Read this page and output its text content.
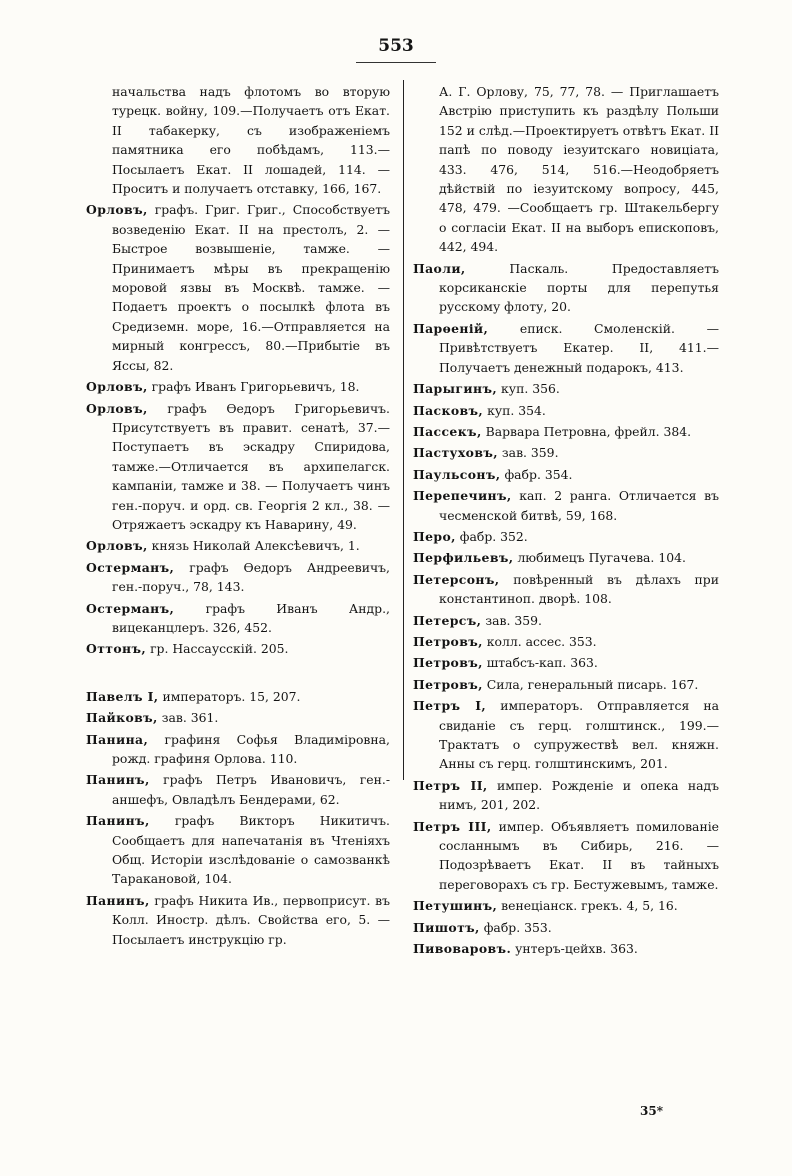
553
начальства надъ флотомъ во вторую турецк. войну, 109.—Получаетъ отъ Екат. II табакерку, съ изображеніемъ памятника его побѣдамъ, 113.—Посылаетъ Екат. II лошадей, 114. — Проситъ и получаетъ отставку, 166, 167.
Орловъ, графъ. Григ. Григ., Способствуетъ возведенію Екат. II на престолъ, 2. — Быстрое возвышеніе, тамже. — Принимаетъ мѣры въ прекращенію моровой язвы въ Москвѣ. тамже. — Подаетъ проектъ о посылкѣ флота въ Средиземн. море, 16.—Отправляется на мирный конгрессъ, 80.—Прибытіе въ Яссы, 82.
Орловъ, графъ Иванъ Григорьевичъ, 18.
Орловъ, графъ Ѳедоръ Григорьевичъ. Присутствуетъ въ правит. сенатѣ, 37.—Поступаетъ въ эскадру Спиридова, тамже.—Отличается въ архипелагск. кампаніи, тамже и 38. — Получаетъ чинъ ген.-поруч. и орд. св. Георгія 2 кл., 38. — Отряжаетъ эскадру къ Наварину, 49.
Орловъ, князь Николай Алексѣевичъ, 1.
Остерманъ, графъ Ѳедоръ Андреевичъ, ген.-поруч., 78, 143.
Остерманъ,	графъ Иванъ Андр., вицеканцлеръ. 326, 452.
Оттонъ, гр. Нассаусскій. 205.
Павелъ I, императоръ. 15, 207.
Пайковъ, зав. 361.
Панина, графиня Софья Владиміровна, рожд. графиня Орлова. 110.
Панинъ, графъ Петръ Ивановичъ, ген.-аншефъ, Овладѣлъ Бендерами, 62.
Панинъ, графъ Викторъ Никитичъ. Сообщаетъ для напечатанія въ Чтеніяхъ Общ. Исторіи изслѣдованіе о самозванкѣ Таракановой, 104.
Панинъ, графъ Никита Ив., первоприсут. въ Колл. Иностр. дѣлъ. Свойства его, 5. — Посылаетъ инструкцію гр.
А. Г. Орлову, 75, 77, 78. — Приглашаетъ Австрію приступить къ раздѣлу Польши 152 и слѣд.—Проектируетъ отвѣтъ Екат. II папѣ по поводу іезуитскаго новиціата, 433. 476, 514, 516.—Неодобряетъ дѣйствій по іезуитскому вопросу, 445, 478, 479. —Сообщаетъ гр. Штакельбергу о согласіи Екат. II на выборъ епископовъ, 442, 494.
Паоли,	Паскаль. Предоставляетъ корсиканскіе порты для перепутья русскому флоту, 20.
Парѳеній,	еписк. Смоленскій. —Привѣтствуетъ Екатер. II, 411.—Получаетъ денежный подарокъ, 413.
Парыгинъ, куп. 356.
Пасковъ, куп. 354.
Пассекъ, Варвара Петровна, фрейл. 384.
Пастуховъ, зав. 359.
Паульсонъ, фабр. 354.
Перепечинъ, кап. 2 ранга. Отличается въ чесменской битвѣ, 59, 168.
Перо, фабр. 352.
Перфильевъ, любимецъ Пугачева. 104.
Петерсонъ, повѣренный въ дѣлахъ при константиноп. дворѣ. 108.
Петерсъ, зав. 359.
Петровъ, колл. ассес. 353.
Петровъ, штабсъ-кап. 363.
Петровъ, Сила, генеральный писарь. 167.
Петръ I, императоръ. Отправляется на свиданіе съ герц. голштинск., 199.—Трактатъ о супружествѣ вел. княжн. Анны съ герц. голштинскимъ, 201.
Петръ II, импер. Рожденіе и опека надъ нимъ, 201, 202.
Петръ III, импер. Объявляетъ помилованіе сосланнымъ въ Сибирь, 216. — Подозрѣваетъ Екат. II въ тайныхъ переговорахъ съ гр. Бестужевымъ, тамже.
Петушинъ, венеціанск. грекъ. 4, 5, 16.
Пишотъ, фабр. 353.
Пивоваровъ. унтеръ-цейхв. 363.
35*
